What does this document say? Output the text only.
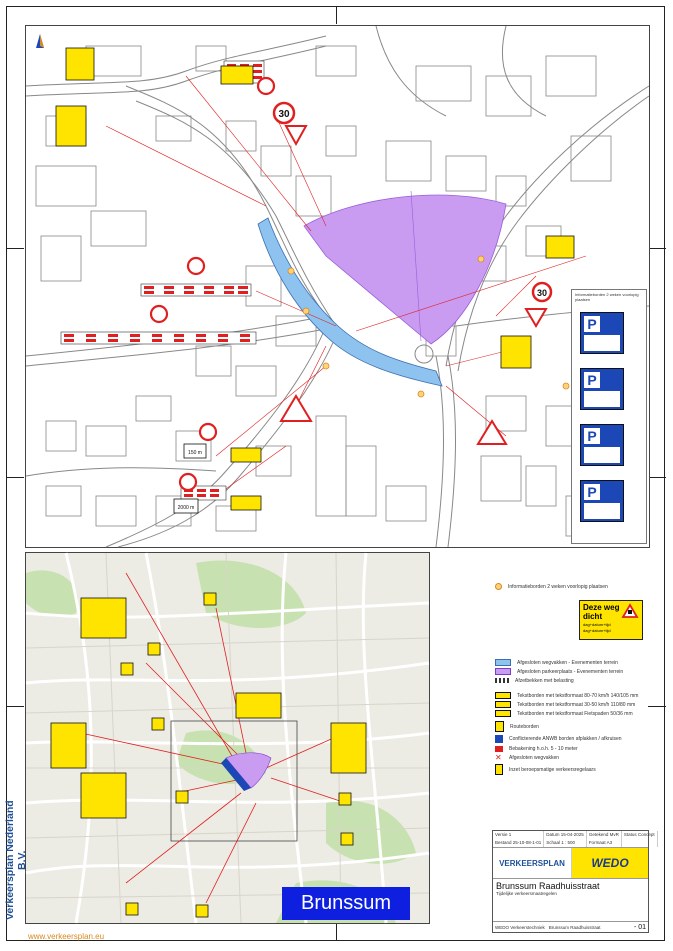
30
30
150 m
2000 m
Informatieborden 2 weken voorlopig plaatsen
P
P
P
P
Brunssum
Informatieborden 2 weken voorlopig plaatsen
Deze weg
dicht
dag+datum+tijd
dag+datum+tijd
Afgesloten wegvakken - Evenementen terrein
Afgesloten parkeerplaats - Evenementen terrein
Afzetbekken met belasting
Tekstborden met tekstformaat 80-70 km/h 140/105 mm
Tekstborden met tekstformaat 30-50 km/h 110/80 mm
Tekstborden met tekstformaat Fietspaden 50/36 mm
Routeborden
Conflicterende ANWB borden afplakken / afkruisen
Bebakening h.o.h. 5 - 10 meter
✕ Afgesloten wegvakken
Inzet beroepsmatige verkeersregelaars
Versie 1	Datum 15-04-2025	Getekend MvR	Status Concept
Bestand 25-10-08-1-01	Schaal 1 : 500	Formaat A3
VERKEERSPLAN WEDO
Brunssum Raadhuisstraat
Tijdelijke verkeersmaatregelen
WEDO Verkeerstechniek Brunssum Raadhuisstraat	- 01
Verkeersplan Nederland B.V.
www.verkeersplan.eu
